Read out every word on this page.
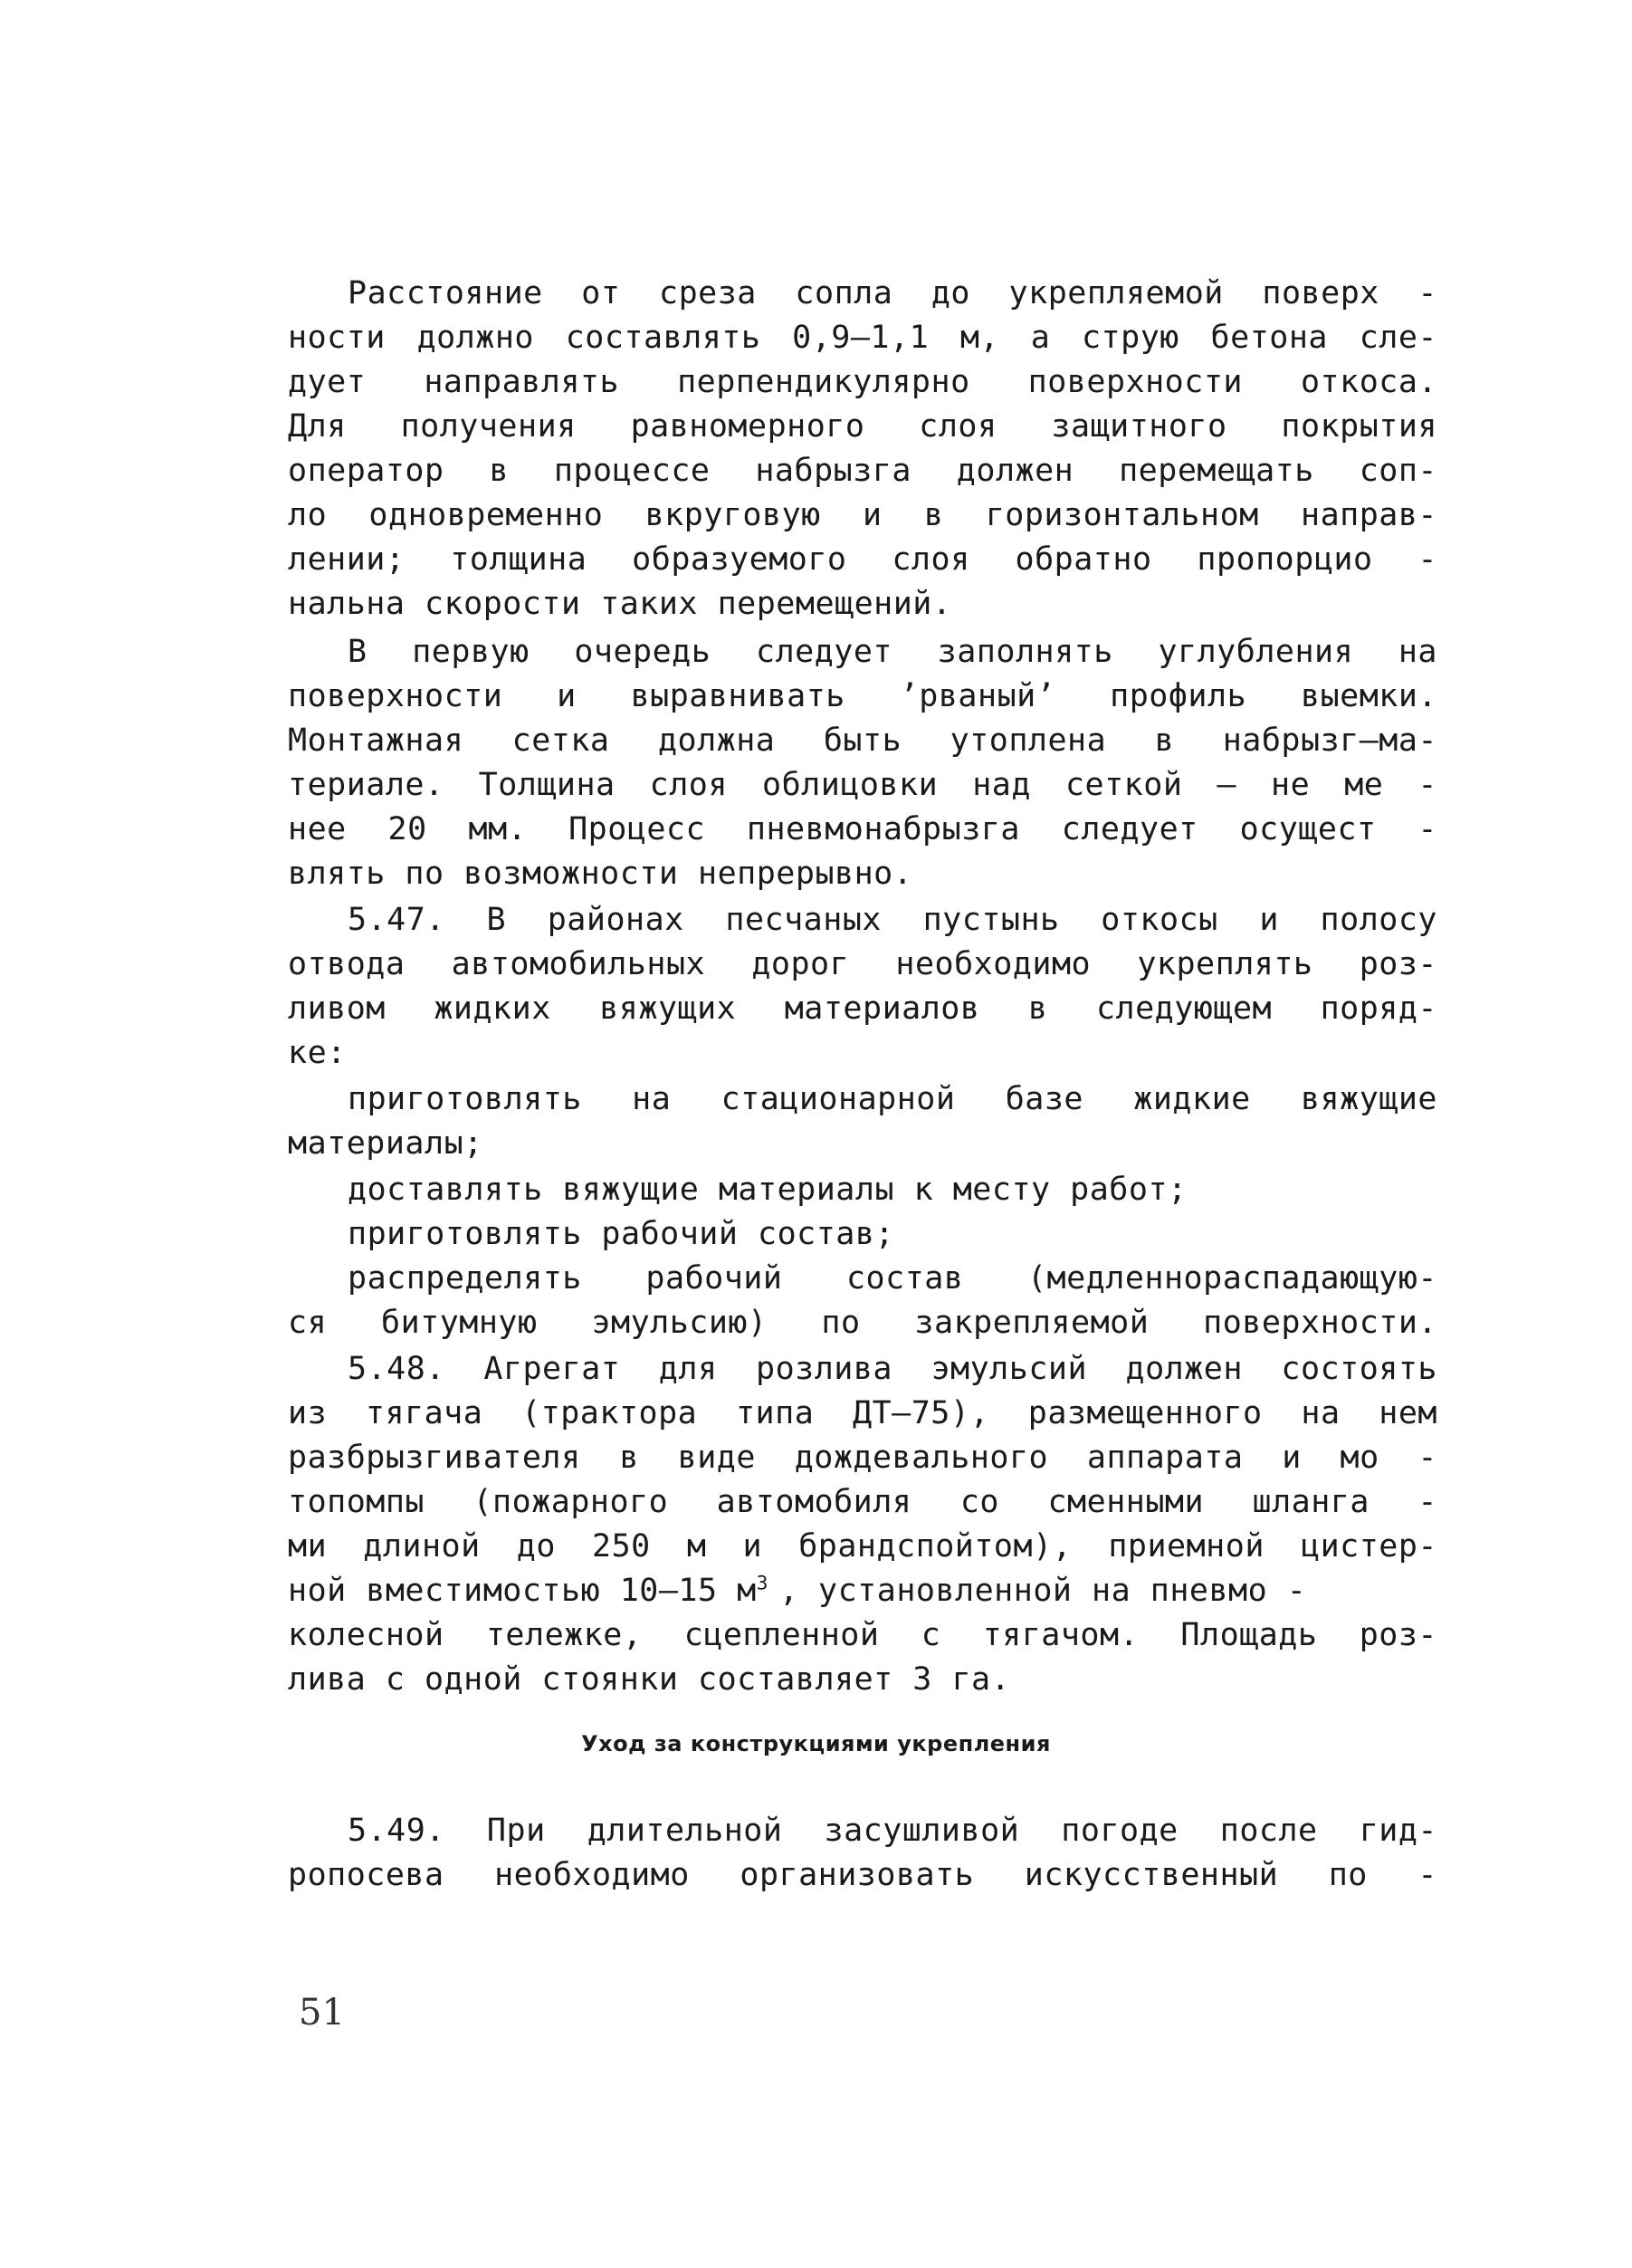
Расстояние от среза сопла до укрепляемой поверх -
ности должно составлять 0,9–1,1 м, а струю бетона сле-
дует направлять перпендикулярно поверхности откоса.
Для получения равномерного слоя защитного покрытия
оператор в процессе набрызга должен перемещать соп-
ло одновременно вкруговую и в горизонтальном направ-
лении; толщина образуемого слоя обратно пропорцио -
нальна скорости таких перемещений.
В первую очередь следует заполнять углубления на
поверхности и выравнивать ʼрваныйʼ профиль выемки.
Монтажная сетка должна быть утоплена в набрызг–ма-
териале. Толщина слоя облицовки над сеткой – не ме -
нее 20 мм. Процесс пневмонабрызга следует осущест -
влять по возможности непрерывно.
5.47. В районах песчаных пустынь откосы и полосу
отвода автомобильных дорог необходимо укреплять роз-
ливом жидких вяжущих материалов в следующем поряд-
ке:
приготовлять на стационарной базе жидкие вяжущие
материалы;
доставлять вяжущие материалы к месту работ;
приготовлять рабочий состав;
распределять рабочий состав (медленнораспадающую-
ся битумную эмульсию) по закрепляемой поверхности.
5.48. Агрегат для розлива эмульсий должен состоять
из тягача (трактора типа ДТ–75), размещенного на нем
разбрызгивателя в виде дождевального аппарата и мо -
топомпы (пожарного автомобиля со сменными шланга -
ми длиной до 250 м и брандспойтом), приемной цистер-
ной вместимостью 10–15 $м^3$ , установленной на пневмо -
колесной тележке, сцепленной с тягачом. Площадь роз-
лива с одной стоянки составляет 3 га.
Уход за конструкциями укрепления
5.49. При длительной засушливой погоде после гид-
ропосева необходимо организовать искусственный по -
51
